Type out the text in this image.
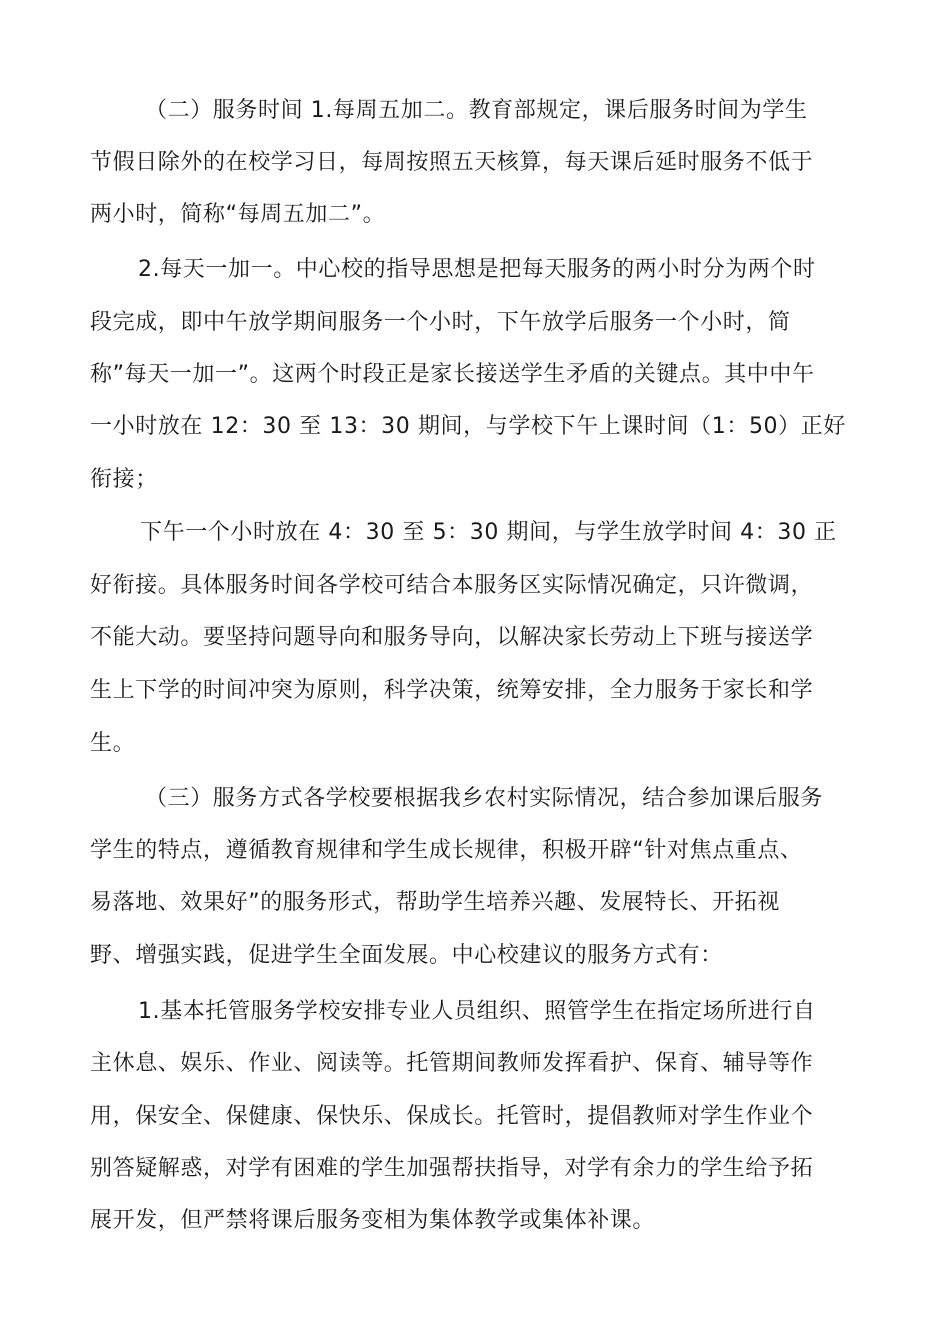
（二）服务时间 1.每周五加二。教育部规定，课后服务时间为学生
节假日除外的在校学习日，每周按照五天核算，每天课后延时服务不低于
两小时，简称“每周五加二”。
2.每天一加一。中心校的指导思想是把每天服务的两小时分为两个时
段完成，即中午放学期间服务一个小时，下午放学后服务一个小时，简
称”每天一加一”。这两个时段正是家长接送学生矛盾的关键点。其中中午
一小时放在 12：30 至 13：30 期间，与学校下午上课时间（1：50）正好
衔接；
下午一个小时放在 4：30 至 5：30 期间，与学生放学时间 4：30 正
好衔接。具体服务时间各学校可结合本服务区实际情况确定，只许微调，
不能大动。要坚持问题导向和服务导向，以解决家长劳动上下班与接送学
生上下学的时间冲突为原则，科学决策，统筹安排，全力服务于家长和学
生。
（三）服务方式各学校要根据我乡农村实际情况，结合参加课后服务
学生的特点，遵循教育规律和学生成长规律，积极开辟“针对焦点重点、
易落地、效果好”的服务形式，帮助学生培养兴趣、发展特长、开拓视
野、增强实践，促进学生全面发展。中心校建议的服务方式有：
1.基本托管服务学校安排专业人员组织、照管学生在指定场所进行自
主休息、娱乐、作业、阅读等。托管期间教师发挥看护、保育、辅导等作
用，保安全、保健康、保快乐、保成长。托管时，提倡教师对学生作业个
别答疑解惑，对学有困难的学生加强帮扶指导，对学有余力的学生给予拓
展开发，但严禁将课后服务变相为集体教学或集体补课。
